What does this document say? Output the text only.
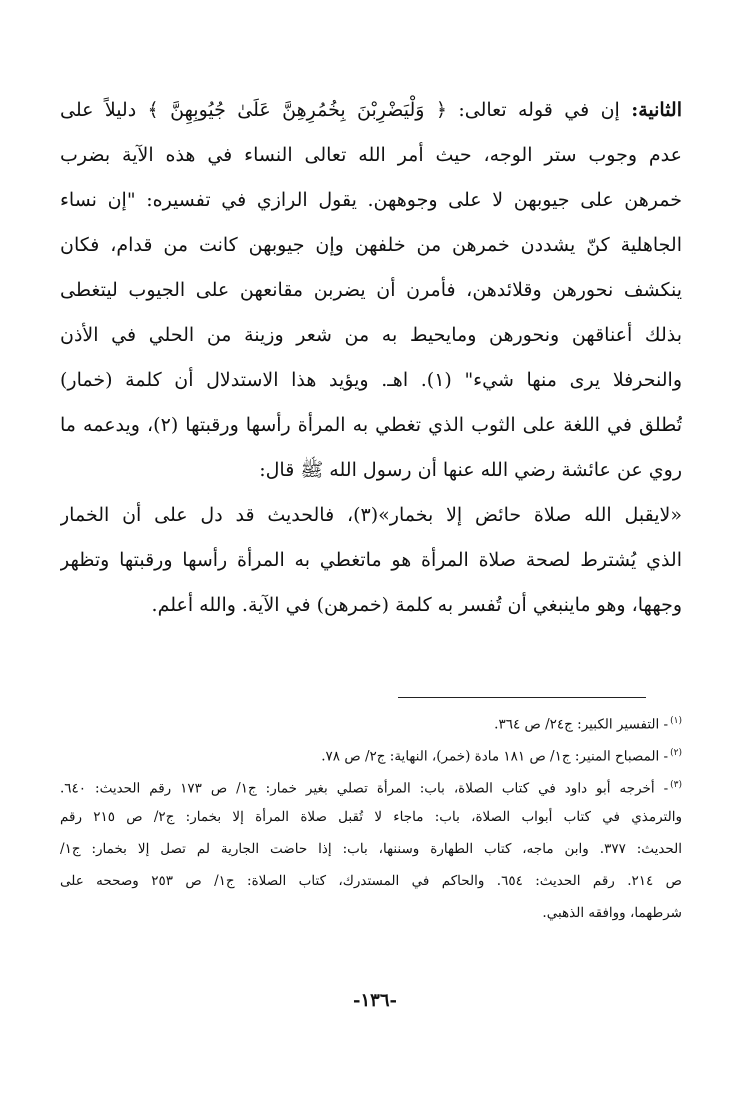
الثانية: إن في قوله تعالى: ﴿ وَلْيَضْرِبْنَ بِخُمُرِهِنَّ عَلَىٰ جُيُوبِهِنَّ ﴾ دليلاً على
عدم وجوب ستر الوجه، حيث أمر الله تعالى النساء في هذه الآية بضرب
خمرهن على جيوبهن لا على وجوههن. يقول الرازي في تفسيره: "إن نساء
الجاهلية كنّ يشددن خمرهن من خلفهن وإن جيوبهن كانت من قدام، فكان
ينكشف نحورهن وقلائدهن، فأمرن أن يضربن مقانعهن على الجيوب ليتغطى
بذلك أعناقهن ونحورهن ومايحيط به من شعر وزينة من الحلي في الأذن
والنحرفلا يرى منها شيء" (١). اهـ. ويؤيد هذا الاستدلال أن كلمة (خمار)
تُطلق في اللغة على الثوب الذي تغطي به المرأة رأسها ورقبتها (٢)، ويدعمه ما
روي عن عائشة رضي الله عنها أن رسول الله ﷺ قال:
«لايقبل الله صلاة حائض إلا بخمار»(٣)، فالحديث قد دل على أن الخمار
الذي يُشترط لصحة صلاة المرأة هو ماتغطي به المرأة رأسها ورقبتها وتظهر
وجهها، وهو ماينبغي أن تُفسر به كلمة (خمرهن) في الآية. والله أعلم.
$^{(١)}$- التفسير الكبير: ج٢٤/ ص ٣٦٤.
$^{(٢)}$- المصباح المنير: ج١/ ص ١٨١ مادة (خمر)، النهاية: ج٢/ ص ٧٨.
$^{(٣)}$- أخرجه أبو داود في كتاب الصلاة، باب: المرأة تصلي بغير خمار: ج١/ ص ١٧٣ رقم الحديث: ٦٤٠.
والترمذي في كتاب أبواب الصلاة، باب: ماجاء لا تُقبل صلاة المرأة إلا بخمار: ج٢/ ص ٢١٥ رقم
الحديث: ٣٧٧. وابن ماجه، كتاب الطهارة وسننها، باب: إذا حاضت الجارية لم تصل إلا بخمار: ج١/
ص ٢١٤. رقم الحديث: ٦٥٤. والحاكم في المستدرك، كتاب الصلاة: ج١/ ص ٢٥٣ وصححه على
شرطهما، ووافقه الذهبي.
-١٣٦-
